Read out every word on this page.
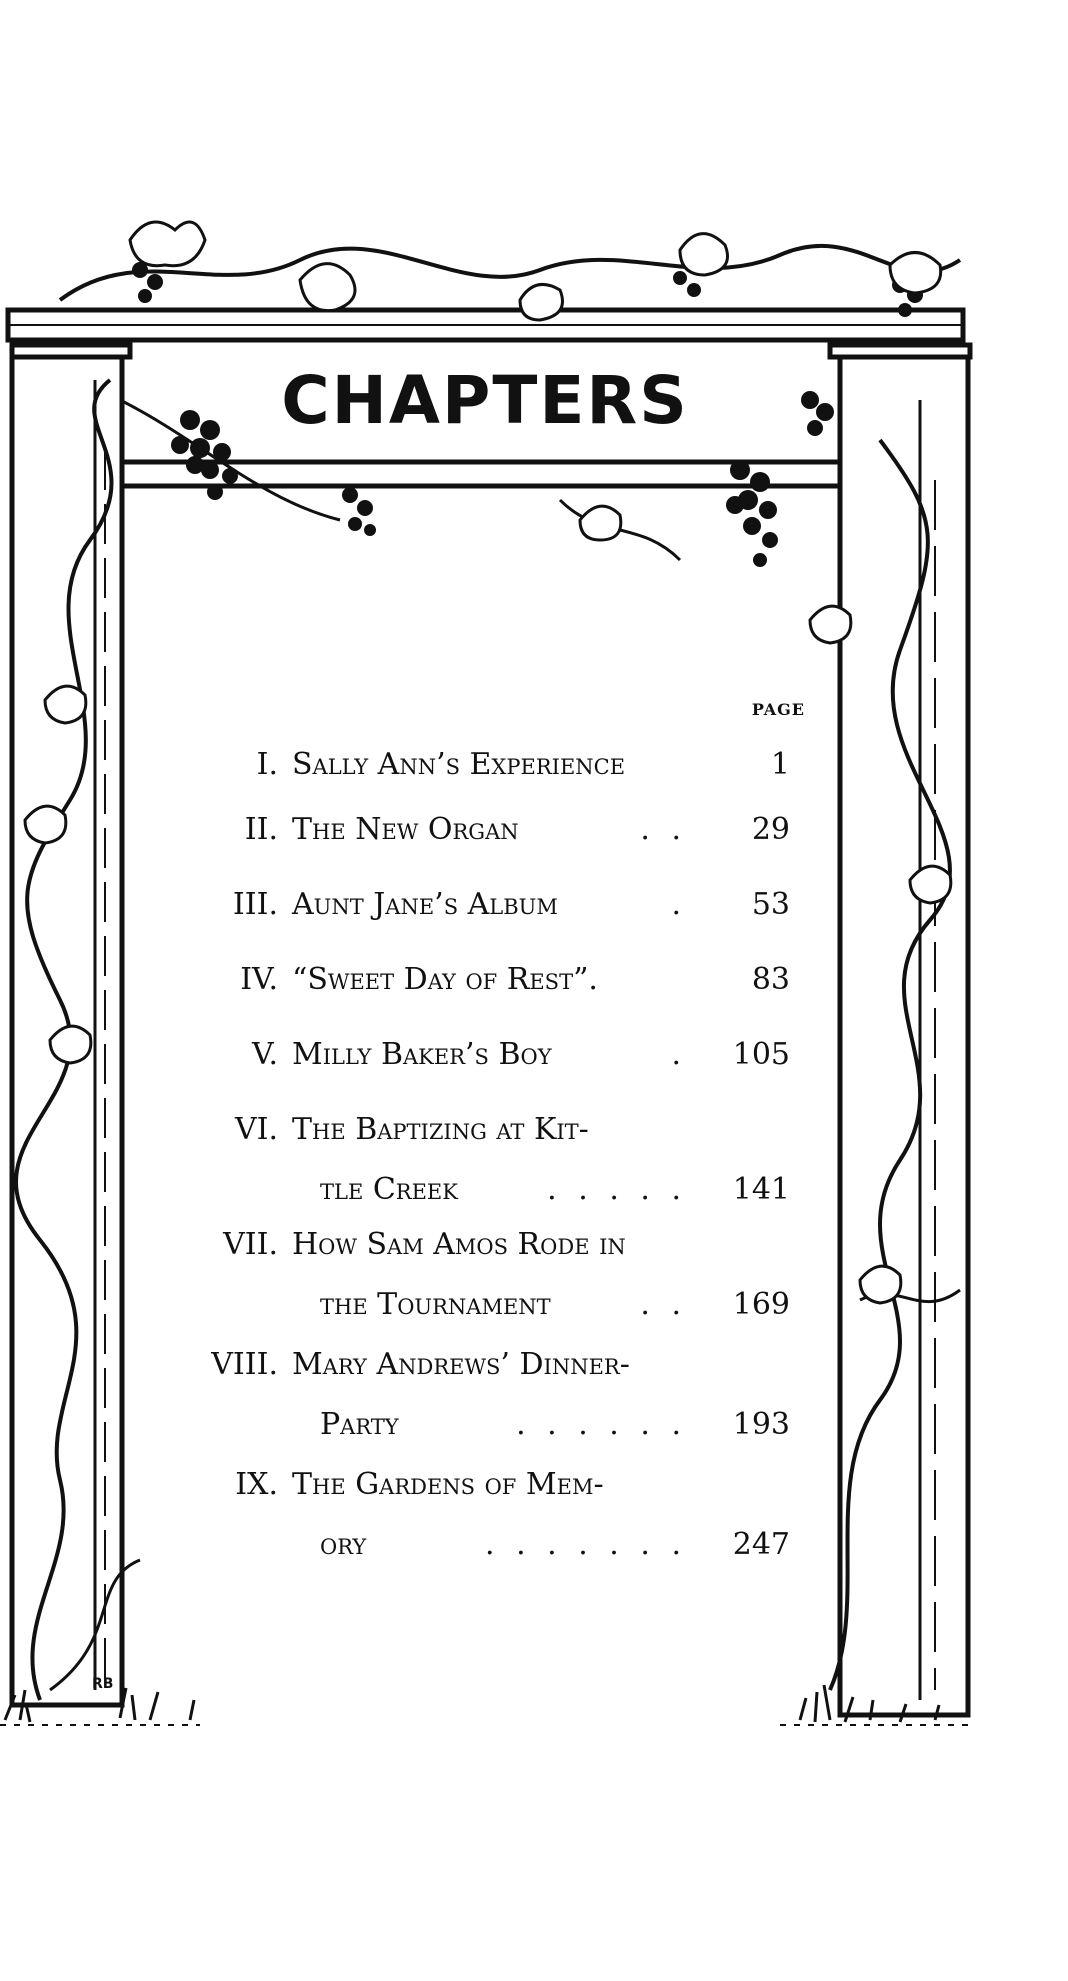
CHAPTERS
RB
PAGE
I. Sally Ann’s Experience	1
II. The New Organ	. .	29
III. Aunt Jane’s Album	.	53
IV. “Sweet Day of Rest”.	83
V. Milly Baker’s Boy	.	105
VI. The Baptizing at Kit-
tle Creek	. . . . .	141
VII. How Sam Amos Rode in
the Tournament	. .	169
VIII. Mary Andrews’ Dinner-
Party	. . . . . .	193
IX. The Gardens of Mem-
ory	. . . . . . .	247
